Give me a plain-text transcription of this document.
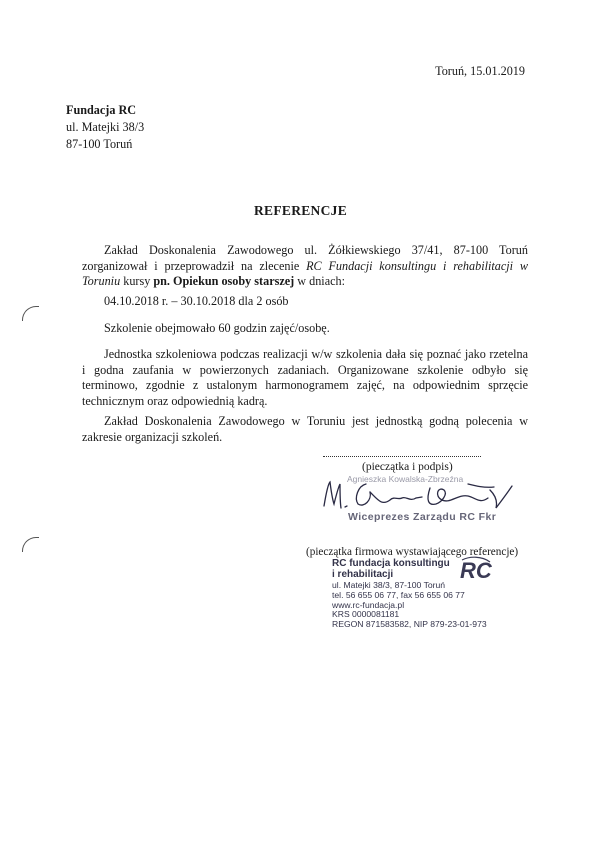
Toruń, 15.01.2019
Fundacja RC
ul. Matejki 38/3
87-100 Toruń
REFERENCJE
Zakład Doskonalenia Zawodowego ul. Żółkiewskiego 37/41, 87-100 Toruń zorganizował i przeprowadził na zlecenie RC Fundacji konsultingu i rehabilitacji w Toruniu kursy pn. Opiekun osoby starszej w dniach:
04.10.2018 r. – 30.10.2018 dla 2 osób
Szkolenie obejmowało 60 godzin zajęć/osobę.
Jednostka szkoleniowa podczas realizacji w/w szkolenia dała się poznać jako rzetelna i godna zaufania w powierzonych zadaniach. Organizowane szkolenie odbyło się terminowo, zgodnie z ustalonym harmonogramem zajęć, na odpowiednim sprzęcie technicznym oraz odpowiednią kadrą.
Zakład Doskonalenia Zawodowego w Toruniu jest jednostką godną polecenia w zakresie organizacji szkoleń.
(pieczątka i podpis)
Agnieszka Kowalska-Zbrzeźna
Wiceprezes Zarządu RC Fkr
(pieczątka firmowa wystawiającego referencje)
RC fundacja konsultingu
i rehabilitacji
ul. Matejki 38/3, 87-100 Toruń
tel. 56 655 06 77, fax 56 655 06 77
www.rc-fundacja.pl
KRS 0000081181
REGON 871583582, NIP 879-23-01-973
RC
